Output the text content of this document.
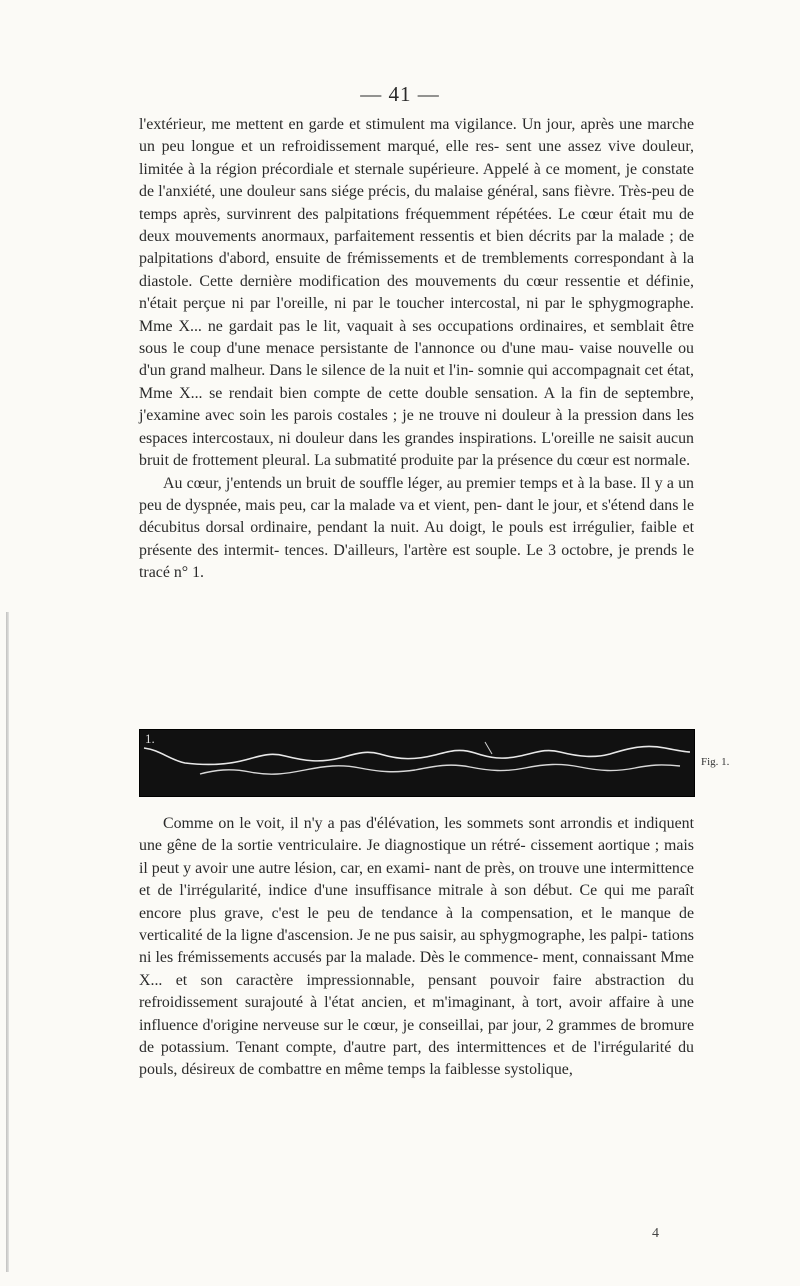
— 41 —

l'extérieur, me mettent en garde et stimulent ma vigilance. Un jour, après une marche un peu longue et un refroidissement marqué, elle res- sent une assez vive douleur, limitée à la région précordiale et sternale supérieure. Appelé à ce moment, je constate de l'anxiété, une douleur sans siége précis, du malaise général, sans fièvre. Très-peu de temps après, survinrent des palpitations fréquemment répétées. Le cœur était mu de deux mouvements anormaux, parfaitement ressentis et bien décrits par la malade ; de palpitations d'abord, ensuite de frémissements et de tremblements correspondant à la diastole. Cette dernière modification des mouvements du cœur ressentie et définie, n'était perçue ni par l'oreille, ni par le toucher intercostal, ni par le sphygmographe. Mme X... ne gardait pas le lit, vaquait à ses occupations ordinaires, et semblait être sous le coup d'une menace persistante de l'annonce ou d'une mau- vaise nouvelle ou d'un grand malheur. Dans le silence de la nuit et l'in- somnie qui accompagnait cet état, Mme X... se rendait bien compte de cette double sensation. A la fin de septembre, j'examine avec soin les parois costales ; je ne trouve ni douleur à la pression dans les espaces intercostaux, ni douleur dans les grandes inspirations. L'oreille ne saisit aucun bruit de frottement pleural. La submatité produite par la présence du cœur est normale.

Au cœur, j'entends un bruit de souffle léger, au premier temps et à la base. Il y a un peu de dyspnée, mais peu, car la malade va et vient, pen- dant le jour, et s'étend dans le décubitus dorsal ordinaire, pendant la nuit. Au doigt, le pouls est irrégulier, faible et présente des intermit- tences. D'ailleurs, l'artère est souple. Le 3 octobre, je prends le tracé n° 1.

1.
Fig. 1.

Comme on le voit, il n'y a pas d'élévation, les sommets sont arrondis et indiquent une gêne de la sortie ventriculaire. Je diagnostique un rétré- cissement aortique ; mais il peut y avoir une autre lésion, car, en exami- nant de près, on trouve une intermittence et de l'irrégularité, indice d'une insuffisance mitrale à son début. Ce qui me paraît encore plus grave, c'est le peu de tendance à la compensation, et le manque de verticalité de la ligne d'ascension. Je ne pus saisir, au sphygmographe, les palpi- tations ni les frémissements accusés par la malade. Dès le commence- ment, connaissant Mme X... et son caractère impressionnable, pensant pouvoir faire abstraction du refroidissement surajouté à l'état ancien, et m'imaginant, à tort, avoir affaire à une influence d'origine nerveuse sur le cœur, je conseillai, par jour, 2 grammes de bromure de potassium. Tenant compte, d'autre part, des intermittences et de l'irrégularité du pouls, désireux de combattre en même temps la faiblesse systolique,

4
